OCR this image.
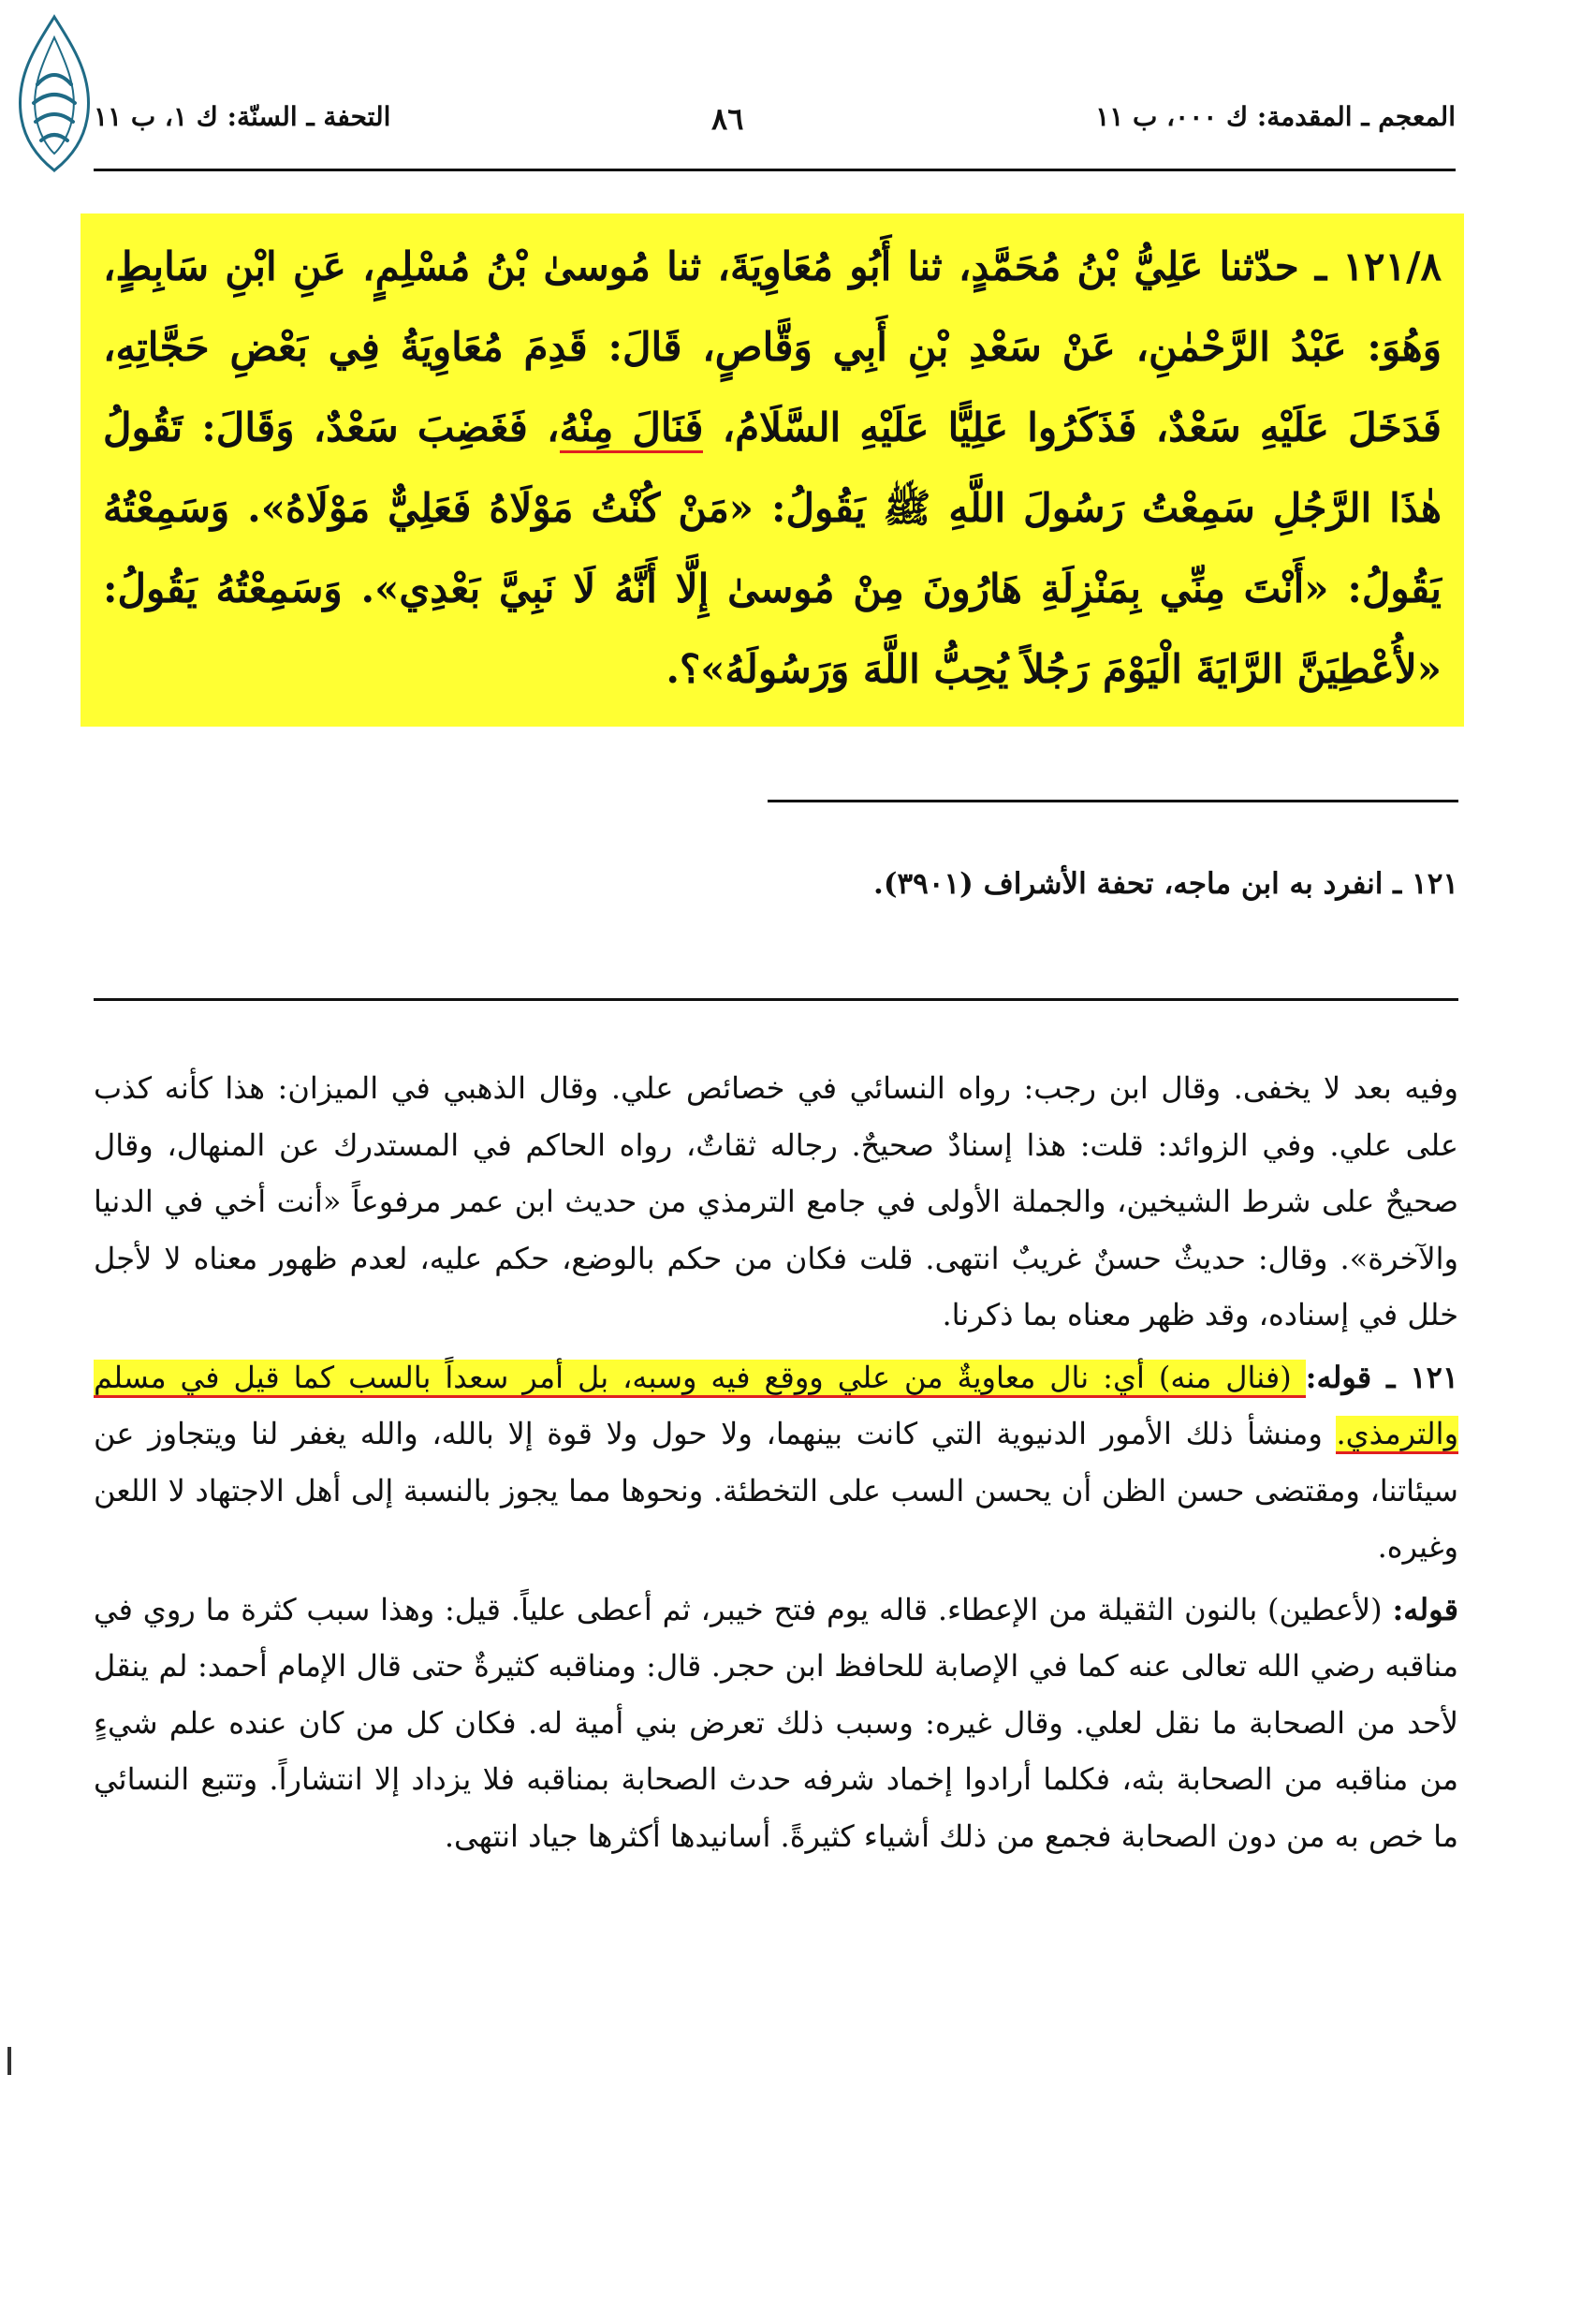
المعجم ـ المقدمة: ك ٠٠٠، ب ١١
٨٦
التحفة ـ السنّة: ك ١، ب ١١
١٢١/٨ ـ حدّثنا عَلِيُّ بْنُ مُحَمَّدٍ، ثنا أَبُو مُعَاوِيَةَ، ثنا مُوسىٰ بْنُ مُسْلِمٍ، عَنِ ابْنِ سَابِطٍ، وَهُوَ: عَبْدُ الرَّحْمٰنِ، عَنْ سَعْدِ بْنِ أَبِي وَقَّاصٍ، قَالَ: قَدِمَ مُعَاوِيَةُ فِي بَعْضِ حَجَّاتِهِ، فَدَخَلَ عَلَيْهِ سَعْدٌ، فَذَكَرُوا عَلِيًّا عَلَيْهِ السَّلَامُ، فَنَالَ مِنْهُ، فَغَضِبَ سَعْدٌ، وَقَالَ: تَقُولُ هٰذَا الرَّجُلِ سَمِعْتُ رَسُولَ اللَّهِ ﷺ يَقُولُ: «مَنْ كُنْتُ مَوْلَاهُ فَعَلِيٌّ مَوْلَاهُ». وَسَمِعْتُهُ يَقُولُ: «أَنْتَ مِنِّي بِمَنْزِلَةِ هَارُونَ مِنْ مُوسىٰ إِلَّا أَنَّهُ لَا نَبِيَّ بَعْدِي». وَسَمِعْتُهُ يَقُولُ: «لأُعْطِيَنَّ الرَّايَةَ الْيَوْمَ رَجُلاً يُحِبُّ اللَّهَ وَرَسُولَهُ»؟.
١٢١ ـ انفرد به ابن ماجه، تحفة الأشراف (٣٩٠١).

وفيه بعد لا يخفى. وقال ابن رجب: رواه النسائي في خصائص علي. وقال الذهبي في الميزان: هذا كأنه كذب على علي. وفي الزوائد: قلت: هذا إسنادٌ صحيحٌ. رجاله ثقاتٌ، رواه الحاكم في المستدرك عن المنهال، وقال صحيحٌ على شرط الشيخين، والجملة الأولى في جامع الترمذي من حديث ابن عمر مرفوعاً «أنت أخي في الدنيا والآخرة». وقال: حديثٌ حسنٌ غريبٌ انتهى. قلت فكان من حكم بالوضع، حكم عليه، لعدم ظهور معناه لا لأجل خلل في إسناده، وقد ظهر معناه بما ذكرنا.

١٢١ ـ قوله: (فنال منه) أي: نال معاويةٌ من علي ووقع فيه وسبه، بل أمر سعداً بالسب كما قيل في مسلم والترمذي. ومنشأ ذلك الأمور الدنيوية التي كانت بينهما، ولا حول ولا قوة إلا بالله، والله يغفر لنا ويتجاوز عن سيئاتنا، ومقتضى حسن الظن أن يحسن السب على التخطئة. ونحوها مما يجوز بالنسبة إلى أهل الاجتهاد لا اللعن وغيره.

قوله: (لأعطين) بالنون الثقيلة من الإعطاء. قاله يوم فتح خيبر، ثم أعطى علياً. قيل: وهذا سبب كثرة ما روي في مناقبه رضي الله تعالى عنه كما في الإصابة للحافظ ابن حجر. قال: ومناقبه كثيرةٌ حتى قال الإمام أحمد: لم ينقل لأحد من الصحابة ما نقل لعلي. وقال غيره: وسبب ذلك تعرض بني أمية له. فكان كل من كان عنده علم شيءٍ من مناقبه من الصحابة بثه، فكلما أرادوا إخماد شرفه حدث الصحابة بمناقبه فلا يزداد إلا انتشاراً. وتتبع النسائي ما خص به من دون الصحابة فجمع من ذلك أشياء كثيرةً. أسانيدها أكثرها جياد انتهى.
